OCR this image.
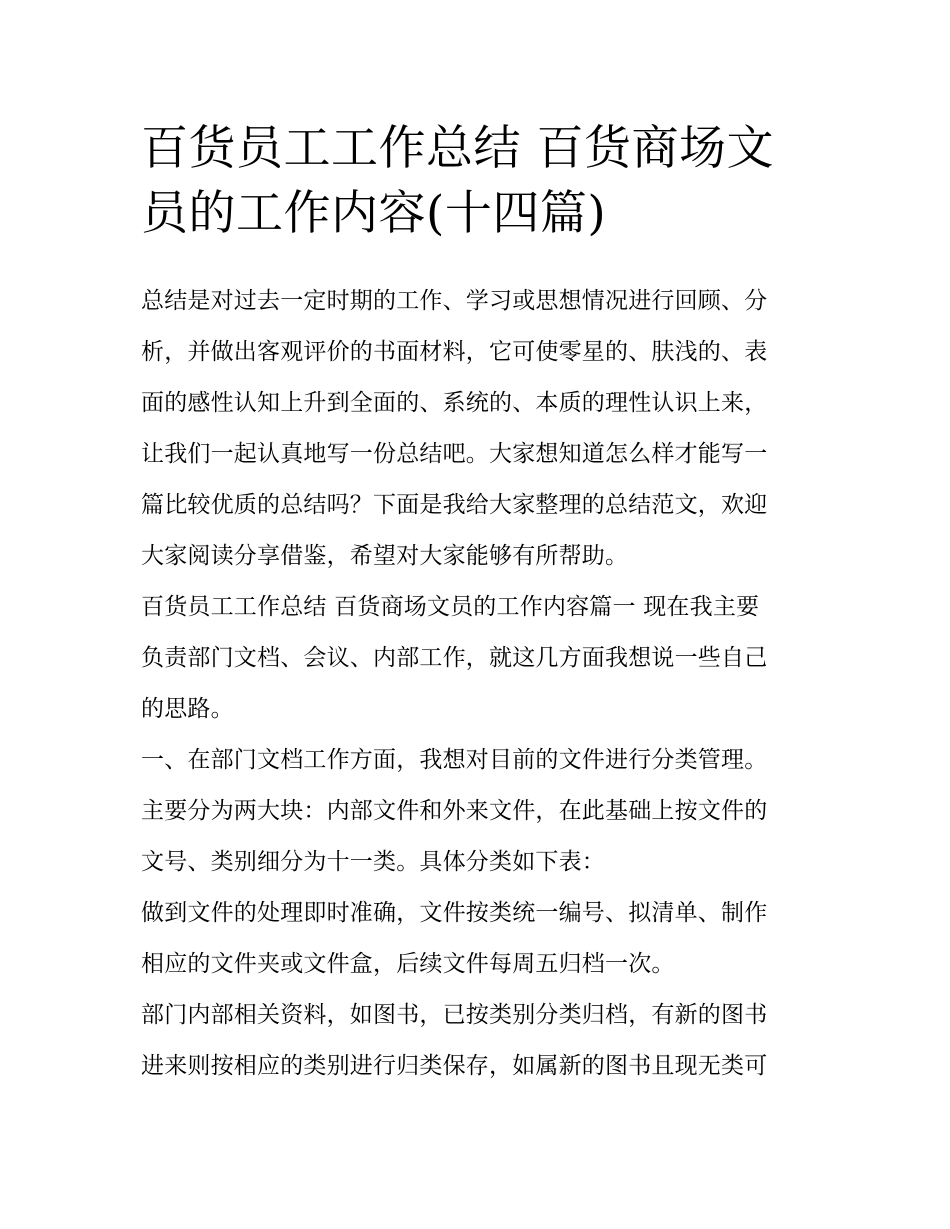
百货员工工作总结 百货商场文
员的工作内容(十四篇)
总结是对过去一定时期的工作、学习或思想情况进行回顾、分
析，并做出客观评价的书面材料，它可使零星的、肤浅的、表
面的感性认知上升到全面的、系统的、本质的理性认识上来，
让我们一起认真地写一份总结吧。大家想知道怎么样才能写一
篇比较优质的总结吗？下面是我给大家整理的总结范文，欢迎
大家阅读分享借鉴，希望对大家能够有所帮助。
百货员工工作总结 百货商场文员的工作内容篇一 现在我主要
负责部门文档、会议、内部工作，就这几方面我想说一些自己
的思路。
一、在部门文档工作方面，我想对目前的文件进行分类管理。
主要分为两大块：内部文件和外来文件，在此基础上按文件的
文号、类别细分为十一类。具体分类如下表：
做到文件的处理即时准确，文件按类统一编号、拟清单、制作
相应的文件夹或文件盒，后续文件每周五归档一次。
部门内部相关资料，如图书，已按类别分类归档，有新的图书
进来则按相应的类别进行归类保存，如属新的图书且现无类可
